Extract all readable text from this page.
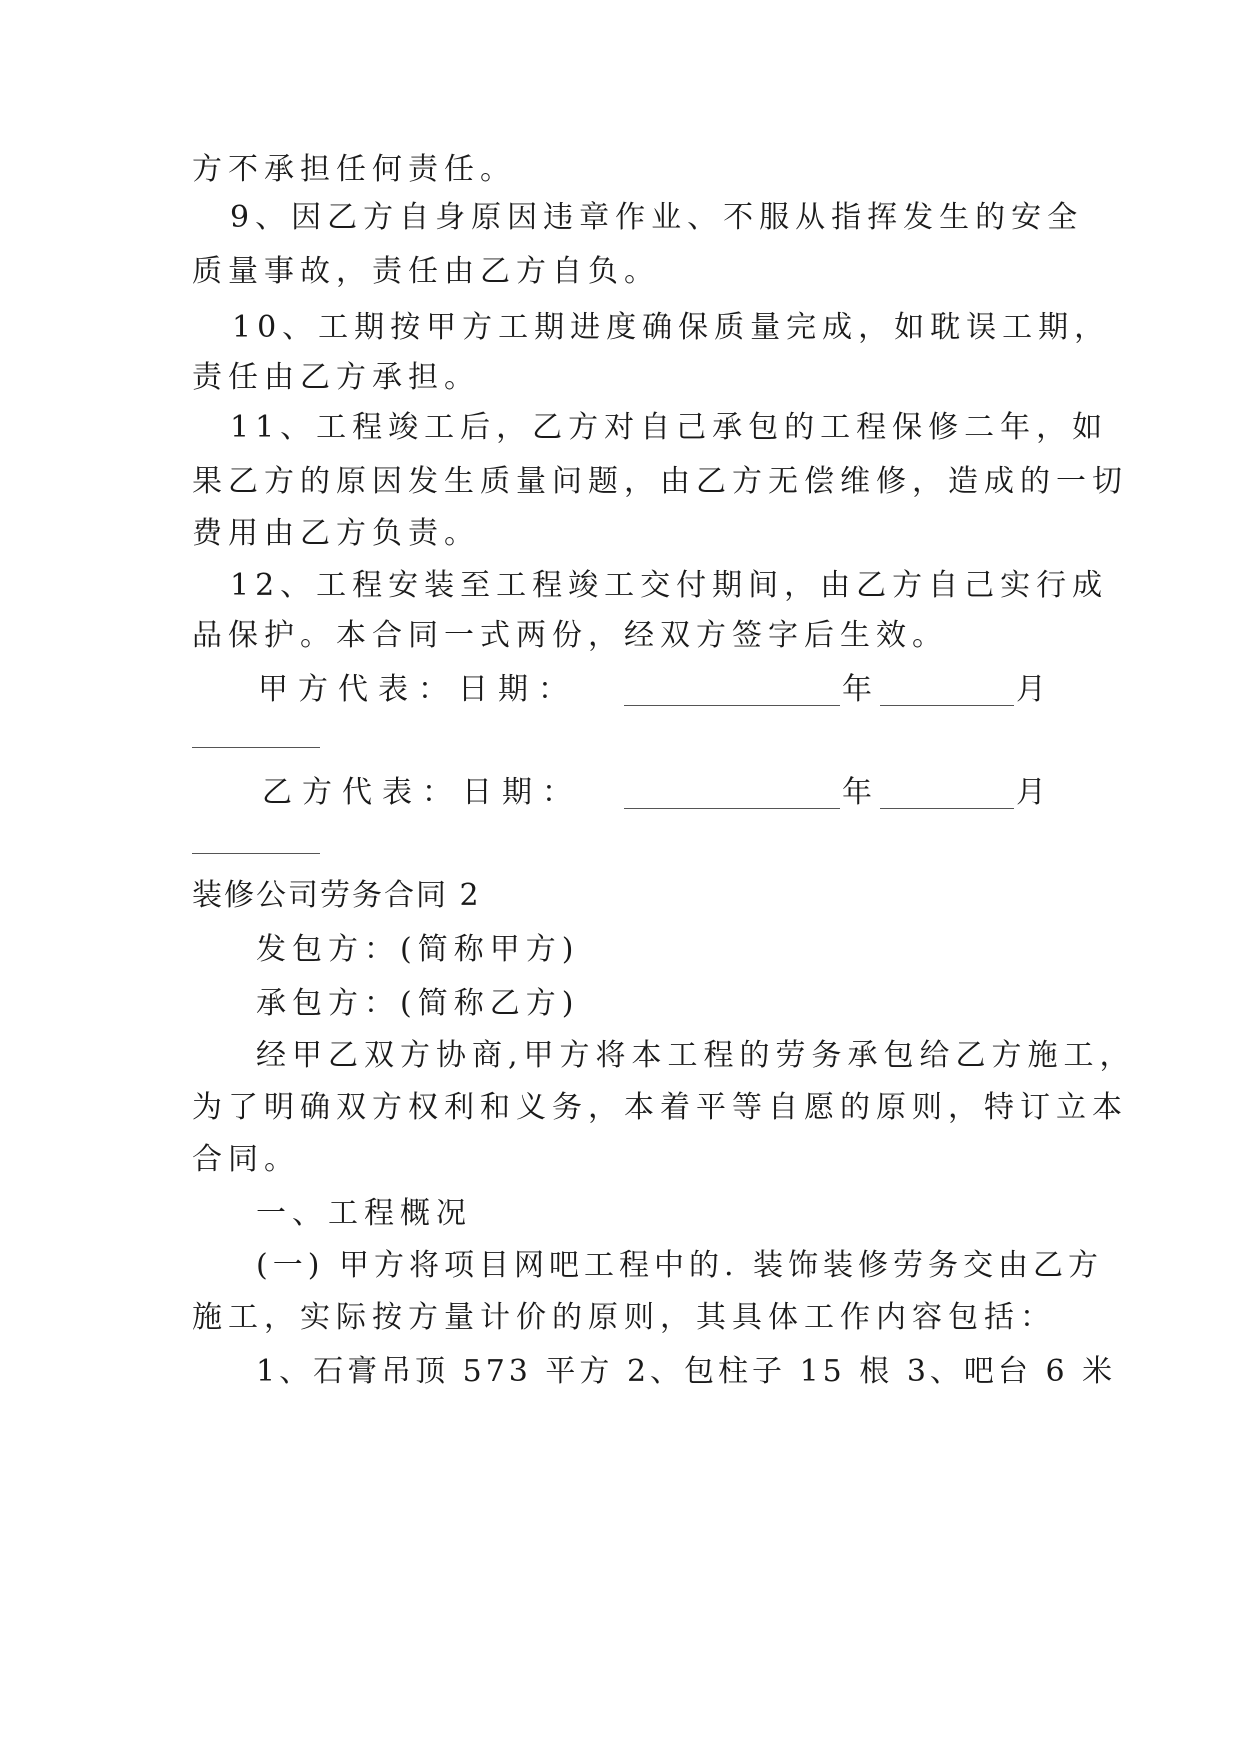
方不承担任何责任。
9、因乙方自身原因违章作业、不服从指挥发生的安全
质量事故，责任由乙方自负。
10、工期按甲方工期进度确保质量完成，如耽误工期，
责任由乙方承担。
11、工程竣工后，乙方对自己承包的工程保修二年，如
果乙方的原因发生质量问题，由乙方无偿维修，造成的一切
费用由乙方负责。
12、工程安装至工程竣工交付期间，由乙方自己实行成
品保护。本合同一式两份，经双方签字后生效。
甲方代表：日期：	年	月
乙方代表：日期：	年	月
装修公司劳务合同 2
发包方：(简称甲方)
承包方：(简称乙方)
经甲乙双方协商,甲方将本工程的劳务承包给乙方施工，
为了明确双方权利和义务，本着平等自愿的原则，特订立本
合同。
一、工程概况
(一) 甲方将项目网吧工程中的. 装饰装修劳务交由乙方
施工，实际按方量计价的原则，其具体工作内容包括：
1、石膏吊顶 573 平方 2、包柱子 15 根 3、吧台 6 米
